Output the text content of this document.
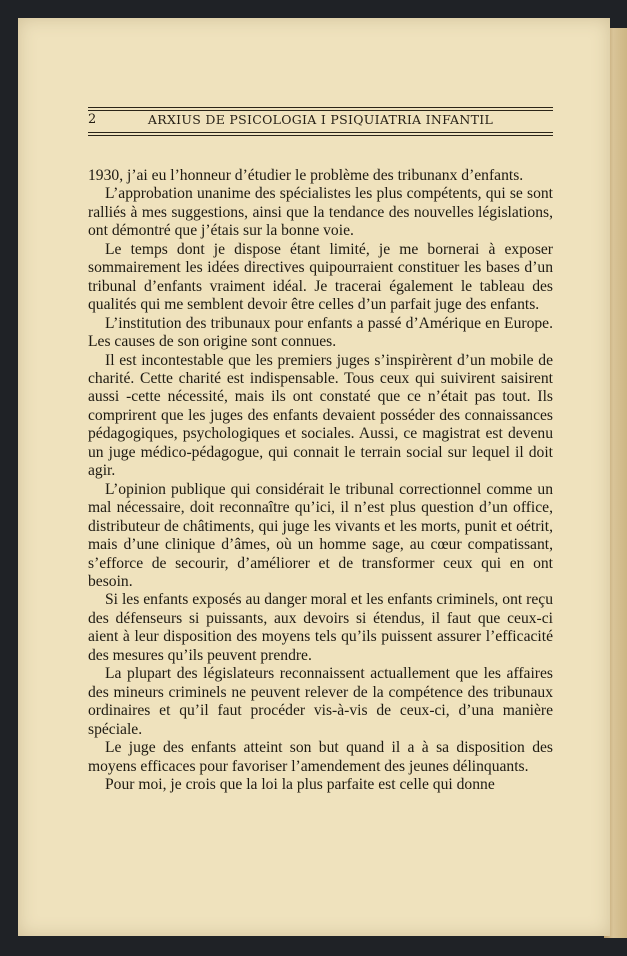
ARXIUS DE PSICOLOGIA I PSIQUIATRIA INFANTIL
2

1930, j’ai eu l’honneur d’étudier le problème des tribunanx d’enfants.

L’approbation unanime des spécialistes les plus compétents, qui se sont ralliés à mes suggestions, ainsi que la tendance des nouvelles législations, ont démontré que j’étais sur la bonne voie.

Le temps dont je dispose étant limité, je me bornerai à exposer sommairement les idées directives quipourraient constituer les bases d’un tribunal d’enfants vraiment idéal. Je tracerai également le tableau des qualités qui me semblent devoir être celles d’un parfait juge des enfants.

L’institution des tribunaux pour enfants a passé d’Amérique en Europe. Les causes de son origine sont connues.

Il est incontestable que les premiers juges s’inspirèrent d’un mobile de charité. Cette charité est indispensable. Tous ceux qui suivirent saisirent aussi -cette nécessité, mais ils ont constaté que ce n’était pas tout. Ils comprirent que les juges des enfants devaient posséder des connaissances pédagogiques, psychologiques et sociales. Aussi, ce magistrat est devenu un juge médico-pédagogue, qui connait le terrain social sur lequel il doit agir.

L’opinion publique qui considérait le tribunal correctionnel comme un mal nécessaire, doit reconnaître qu’ici, il n’est plus question d’un office, distributeur de châtiments, qui juge les vivants et les morts, punit et oétrit, mais d’une clinique d’âmes, où un homme sage, au cœur compatissant, s’efforce de secourir, d’améliorer et de transformer ceux qui en ont besoin.

Si les enfants exposés au danger moral et les enfants criminels, ont reçu des défenseurs si puissants, aux devoirs si étendus, il faut que ceux-ci aient à leur disposition des moyens tels qu’ils puissent assurer l’efficacité des mesures qu’ils peuvent prendre.

La plupart des législateurs reconnaissent actuallement que les affaires des mineurs criminels ne peuvent relever de la compétence des tribunaux ordinaires et qu’il faut procéder vis-à-vis de ceux-ci, d’una manière spéciale.

Le juge des enfants atteint son but quand il a à sa disposition des moyens efficaces pour favoriser l’amendement des jeunes délinquants.

Pour moi, je crois que la loi la plus parfaite est celle qui donne
